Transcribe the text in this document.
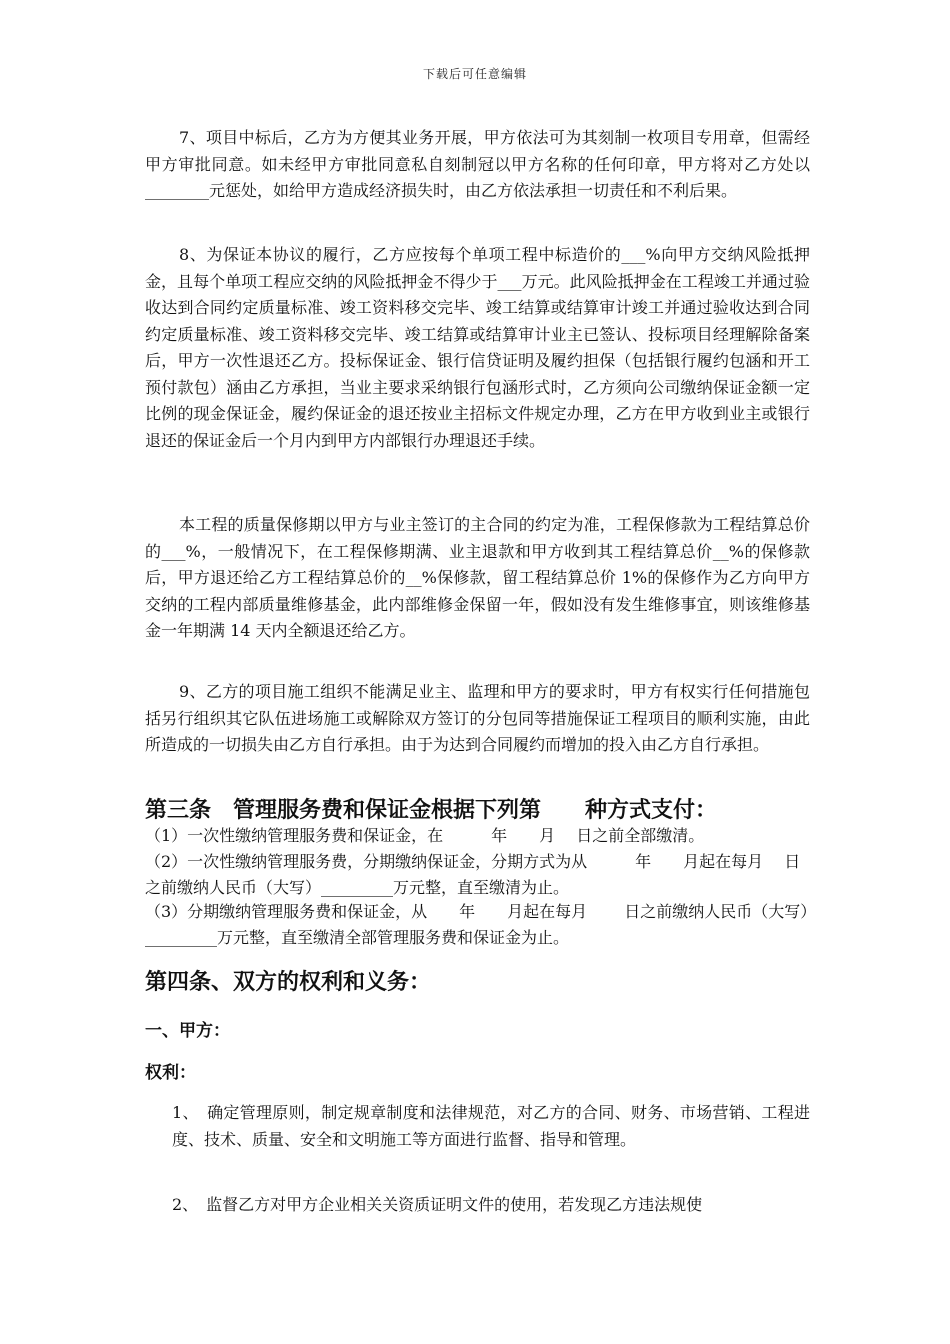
下载后可任意编辑

7、项目中标后，乙方为方便其业务开展，甲方依法可为其刻制一枚项目专用章，但需经甲方审批同意。如未经甲方审批同意私自刻制冠以甲方名称的任何印章，甲方将对乙方处以________元惩处，如给甲方造成经济损失时，由乙方依法承担一切责任和不利后果。

8、为保证本协议的履行，乙方应按每个单项工程中标造价的___%向甲方交纳风险抵押金，且每个单项工程应交纳的风险抵押金不得少于___万元。此风险抵押金在工程竣工并通过验收达到合同约定质量标准、竣工资料移交完毕、竣工结算或结算审计竣工并通过验收达到合同约定质量标准、竣工资料移交完毕、竣工结算或结算审计业主已签认、投标项目经理解除备案后，甲方一次性退还乙方。投标保证金、银行信贷证明及履约担保（包括银行履约包涵和开工预付款包）涵由乙方承担，当业主要求采纳银行包涵形式时，乙方须向公司缴纳保证金额一定比例的现金保证金，履约保证金的退还按业主招标文件规定办理，乙方在甲方收到业主或银行退还的保证金后一个月内到甲方内部银行办理退还手续。

本工程的质量保修期以甲方与业主签订的主合同的约定为准，工程保修款为工程结算总价的___%，一般情况下，在工程保修期满、业主退款和甲方收到其工程结算总价__%的保修款后，甲方退还给乙方工程结算总价的__%保修款，留工程结算总价 1%的保修作为乙方向甲方交纳的工程内部质量维修基金，此内部维修金保留一年，假如没有发生维修事宜，则该维修基金一年期满 14 天内全额退还给乙方。

9、乙方的项目施工组织不能满足业主、监理和甲方的要求时，甲方有权实行任何措施包括另行组织其它队伍进场施工或解除双方签订的分包同等措施保证工程项目的顺利实施，由此所造成的一切损失由乙方自行承担。由于为达到合同履约而增加的投入由乙方自行承担。

第三条　管理服务费和保证金根据下列第　　种方式支付：

（1）一次性缴纳管理服务费和保证金，在　　　年　　月　 日之前全部缴清。

（2）一次性缴纳管理服务费，分期缴纳保证金，分期方式为从　　　年　　月起在每月　 日之前缴纳人民币（大写）_________万元整，直至缴清为止。

（3）分期缴纳管理服务费和保证金，从　　年　　月起在每月　　 日之前缴纳人民币（大写）_________万元整，直至缴清全部管理服务费和保证金为止。

第四条、双方的权利和义务：

一、甲方：

权利：

1、　确定管理原则，制定规章制度和法律规范，对乙方的合同、财务、市场营销、工程进度、技术、质量、安全和文明施工等方面进行监督、指导和管理。

2、　监督乙方对甲方企业相关关资质证明文件的使用，若发现乙方违法规使
